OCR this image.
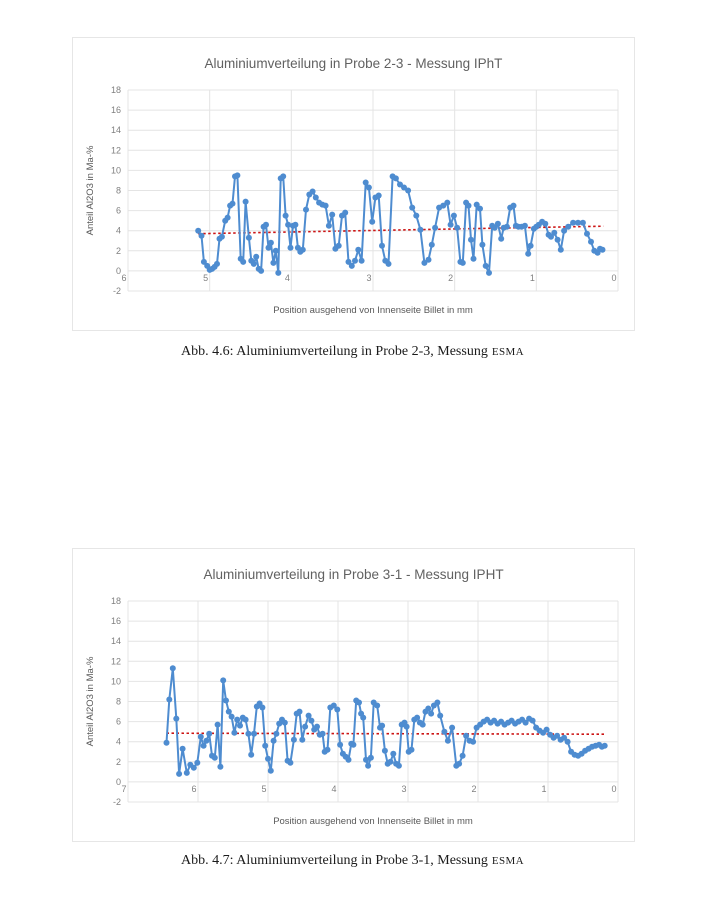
-2
0
2
4
6
8
10
12
14
16
18
6	5	4	3	2	1	0
Aluminiumverteilung in Probe 2-3 - Messung IPhT
Position ausgehend von Innenseite Billet in mm
Anteil Al2O3 in Ma-%
Abb. 4.6: Aluminiumverteilung in Probe 2-3, Messung ESMA
-2
0
2
4
6
8
10
12
14
16
18
7	6	5	4	3	2	1	0
Aluminiumverteilung in Probe 3-1 - Messung IPHT
Position ausgehend von Innenseite Billet in mm
Anteil Al2O3 in Ma-%
Abb. 4.7: Aluminiumverteilung in Probe 3-1, Messung ESMA
